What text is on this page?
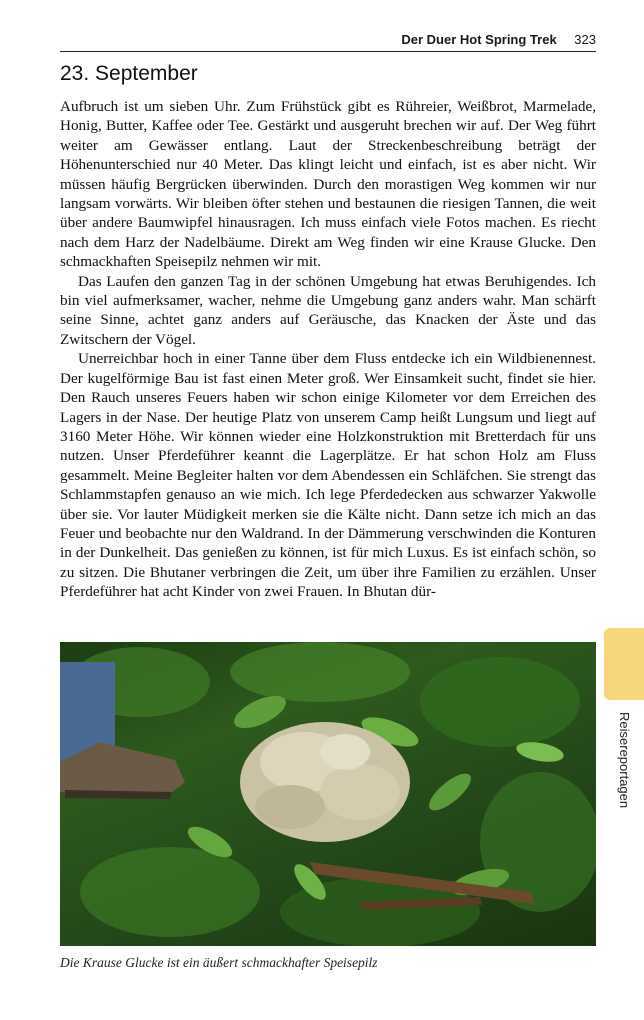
Der Duer Hot Spring Trek 323
23. September

Aufbruch ist um sieben Uhr. Zum Frühstück gibt es Rühreier, Weißbrot, Marmelade, Honig, Butter, Kaffee oder Tee. Gestärkt und ausgeruht brechen wir auf. Der Weg führt weiter am Gewässer entlang. Laut der Streckenbeschreibung beträgt der Höhenunterschied nur 40 Meter. Das klingt leicht und einfach, ist es aber nicht. Wir müssen häufig Bergrücken überwinden. Durch den morastigen Weg kommen wir nur langsam vorwärts. Wir bleiben öfter stehen und bestaunen die riesigen Tannen, die weit über andere Baumwipfel hinausragen. Ich muss einfach viele Fotos machen. Es riecht nach dem Harz der Nadelbäume. Direkt am Weg finden wir eine Krause Glucke. Den schmackhaften Speisepilz nehmen wir mit.

Das Laufen den ganzen Tag in der schönen Umgebung hat etwas Beruhigendes. Ich bin viel aufmerksamer, wacher, nehme die Umgebung ganz anders wahr. Man schärft seine Sinne, achtet ganz anders auf Geräusche, das Knacken der Äste und das Zwitschern der Vögel.

Unerreichbar hoch in einer Tanne über dem Fluss entdecke ich ein Wildbienennest. Der kugelförmige Bau ist fast einen Meter groß. Wer Einsamkeit sucht, findet sie hier. Den Rauch unseres Feuers haben wir schon einige Kilometer vor dem Erreichen des Lagers in der Nase. Der heutige Platz von unserem Camp heißt Lungsum und liegt auf 3160 Meter Höhe. Wir können wieder eine Holzkonstruktion mit Bretterdach für uns nutzen. Unser Pferdeführer keannt die Lagerplätze. Er hat schon Holz am Fluss gesammelt. Meine Begleiter halten vor dem Abendessen ein Schläfchen. Sie strengt das Schlammstapfen genauso an wie mich. Ich lege Pferdedecken aus schwarzer Yakwolle über sie. Vor lauter Müdigkeit merken sie die Kälte nicht. Dann setze ich mich an das Feuer und beobachte nur den Waldrand. In der Dämmerung verschwinden die Konturen in der Dunkelheit. Das genießen zu können, ist für mich Luxus. Es ist einfach schön, so zu sitzen. Die Bhutaner verbringen die Zeit, um über ihre Familien zu erzählen. Unser Pferdeführer hat acht Kinder von zwei Frauen. In Bhutan dür-

Die Krause Glucke ist ein äußert schmackhafter Speisepilz
Reisereportagen
